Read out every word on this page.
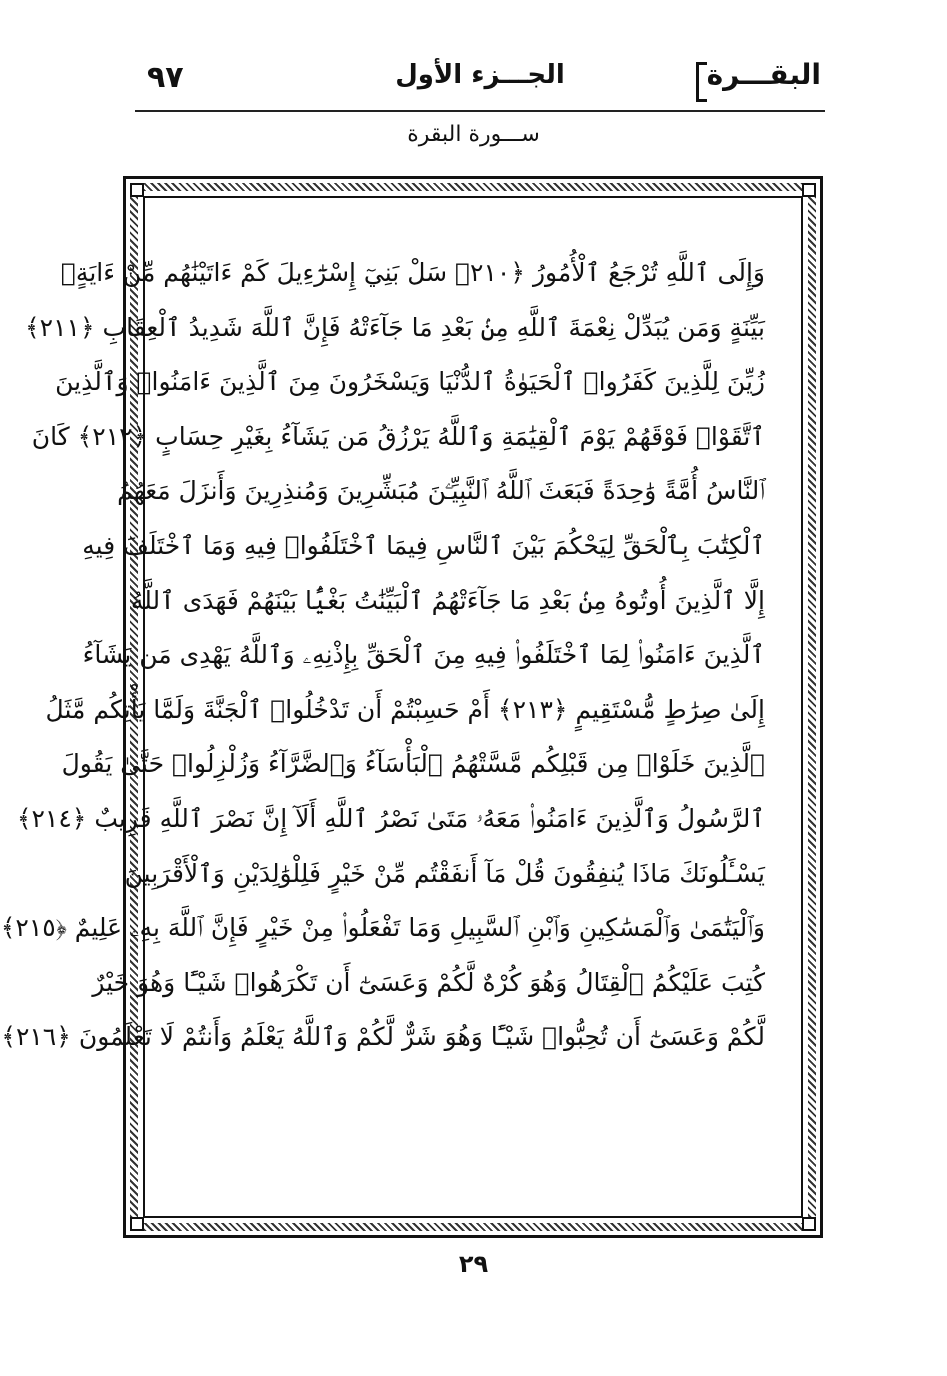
٩٧	الجـــزء الأول	البقـــرة
ســـورة البقرة
وَإِلَى ٱللَّهِ تُرْجَعُ ٱلْأُمُورُ ﴿٢١٠﴾ سَلْ بَنِيٓ إِسْرَٰٓءِيلَ كَمْ ءَاتَيْنَٰهُم مِّنْ ءَايَةٍۭ
بَيِّنَةٍ وَمَن يُبَدِّلْ نِعْمَةَ ٱللَّهِ مِنۢ بَعْدِ مَا جَآءَتْهُ فَإِنَّ ٱللَّهَ شَدِيدُ ٱلْعِقَابِ ﴿٢١١﴾
زُيِّنَ لِلَّذِينَ كَفَرُوا۟ ٱلْحَيَوٰةُ ٱلدُّنْيَا وَيَسْخَرُونَ مِنَ ٱلَّذِينَ ءَامَنُوا۟ وَٱلَّذِينَ
ٱتَّقَوْا۟ فَوْقَهُمْ يَوْمَ ٱلْقِيَٰمَةِ وَٱللَّهُ يَرْزُقُ مَن يَشَآءُ بِغَيْرِ حِسَابٍ ﴿٢١٢﴾ كَانَ
ٱلنَّاسُ أُمَّةً وَٰحِدَةً فَبَعَثَ ٱللَّهُ ٱلنَّبِيِّـۧنَ مُبَشِّرِينَ وَمُنذِرِينَ وَأَنزَلَ مَعَهُمُ
ٱلْكِتَٰبَ بِٱلْحَقِّ لِيَحْكُمَ بَيْنَ ٱلنَّاسِ فِيمَا ٱخْتَلَفُوا۟ فِيهِ وَمَا ٱخْتَلَفَ فِيهِ
إِلَّا ٱلَّذِينَ أُوتُوهُ مِنۢ بَعْدِ مَا جَآءَتْهُمُ ٱلْبَيِّنَٰتُ بَغْيًۢا بَيْنَهُمْ فَهَدَى ٱللَّهُ
ٱلَّذِينَ ءَامَنُوا۟ لِمَا ٱخْتَلَفُوا۟ فِيهِ مِنَ ٱلْحَقِّ بِإِذْنِهِۦ وَٱللَّهُ يَهْدِى مَن يَشَآءُ
إِلَىٰ صِرَٰطٍ مُّسْتَقِيمٍ ﴿٢١٣﴾ أَمْ حَسِبْتُمْ أَن تَدْخُلُوا۟ ٱلْجَنَّةَ وَلَمَّا يَأْتِكُم مَّثَلُ
ٱلَّذِينَ خَلَوْا۟ مِن قَبْلِكُم مَّسَّتْهُمُ ٱلْبَأْسَآءُ وَٱلضَّرَّآءُ وَزُلْزِلُوا۟ حَتَّىٰ يَقُولَ
ٱلرَّسُولُ وَٱلَّذِينَ ءَامَنُوا۟ مَعَهُۥ مَتَىٰ نَصْرُ ٱللَّهِ أَلَآ إِنَّ نَصْرَ ٱللَّهِ قَرِيبٌ ﴿٢١٤﴾
يَسْـَٔلُونَكَ مَاذَا يُنفِقُونَ قُلْ مَآ أَنفَقْتُم مِّنْ خَيْرٍ فَلِلْوَٰلِدَيْنِ وَٱلْأَقْرَبِينَ
وَٱلْيَتَٰمَىٰ وَٱلْمَسَٰكِينِ وَٱبْنِ ٱلسَّبِيلِ وَمَا تَفْعَلُوا۟ مِنْ خَيْرٍ فَإِنَّ ٱللَّهَ بِهِۦ عَلِيمٌ ﴿٢١٥﴾
كُتِبَ عَلَيْكُمُ ٱلْقِتَالُ وَهُوَ كُرْهٌ لَّكُمْ وَعَسَىٰٓ أَن تَكْرَهُوا۟ شَيْـًٔا وَهُوَ خَيْرٌ
لَّكُمْ وَعَسَىٰٓ أَن تُحِبُّوا۟ شَيْـًٔا وَهُوَ شَرٌّ لَّكُمْ وَٱللَّهُ يَعْلَمُ وَأَنتُمْ لَا تَعْلَمُونَ ﴿٢١٦﴾
٢٩
